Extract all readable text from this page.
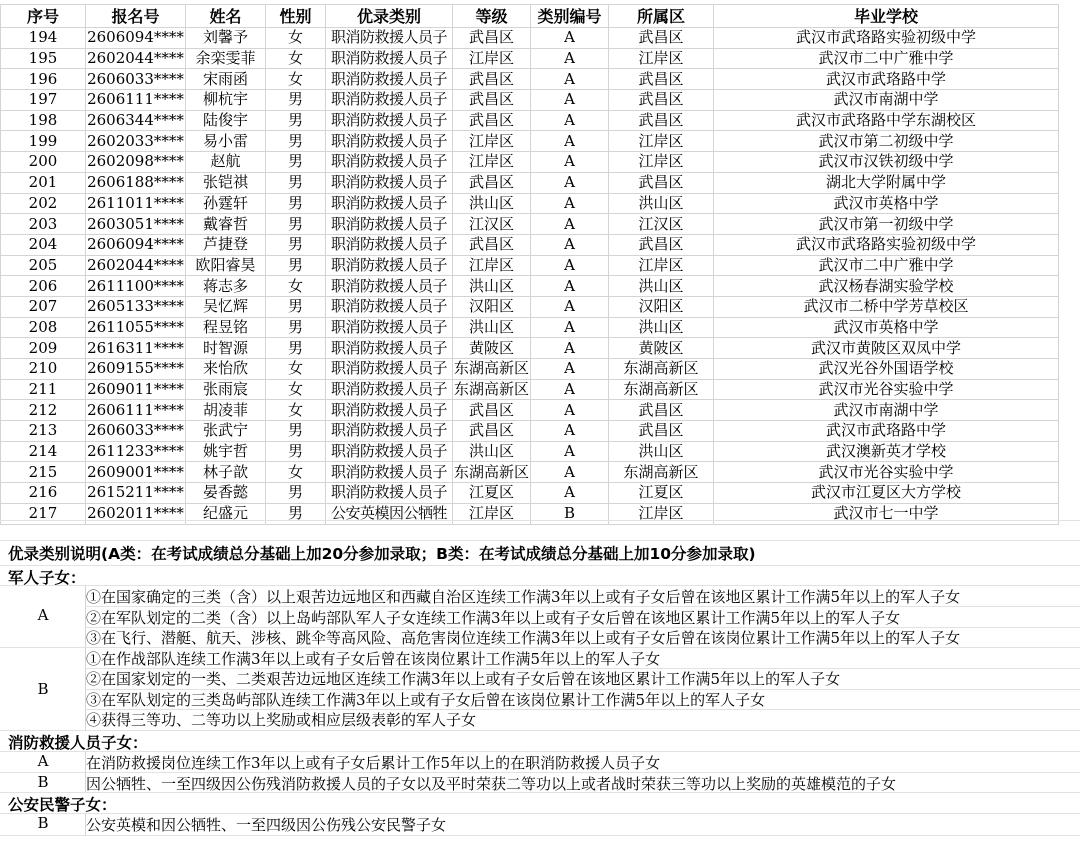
序号	报名号	姓名	性别	优录类别	等级	类别编号	所属区	毕业学校
194	2606094****	刘馨予	女	职消防救援人员子	武昌区	A	武昌区	武汉市武珞路实验初级中学
195	2602044****	余栾雯菲	女	职消防救援人员子	江岸区	A	江岸区	武汉市二中广雅中学
196	2606033****	宋雨函	女	职消防救援人员子	武昌区	A	武昌区	武汉市武珞路中学
197	2606111****	柳杭宇	男	职消防救援人员子	武昌区	A	武昌区	武汉市南湖中学
198	2606344****	陆俊宇	男	职消防救援人员子	武昌区	A	武昌区	武汉市武珞路中学东湖校区
199	2602033****	易小雷	男	职消防救援人员子	江岸区	A	江岸区	武汉市第二初级中学
200	2602098****	赵航	男	职消防救援人员子	江岸区	A	江岸区	武汉市汉铁初级中学
201	2606188****	张铠祺	男	职消防救援人员子	武昌区	A	武昌区	湖北大学附属中学
202	2611011****	孙霆轩	男	职消防救援人员子	洪山区	A	洪山区	武汉市英格中学
203	2603051****	戴睿哲	男	职消防救援人员子	江汉区	A	江汉区	武汉市第一初级中学
204	2606094****	芦捷登	男	职消防救援人员子	武昌区	A	武昌区	武汉市武珞路实验初级中学
205	2602044****	欧阳睿昊	男	职消防救援人员子	江岸区	A	江岸区	武汉市二中广雅中学
206	2611100****	蒋志多	女	职消防救援人员子	洪山区	A	洪山区	武汉杨春湖实验学校
207	2605133****	吴忆辉	男	职消防救援人员子	汉阳区	A	汉阳区	武汉市二桥中学芳草校区
208	2611055****	程昱铭	男	职消防救援人员子	洪山区	A	洪山区	武汉市英格中学
209	2616311****	时智源	男	职消防救援人员子	黄陂区	A	黄陂区	武汉市黄陂区双凤中学
210	2609155****	来怡欣	女	职消防救援人员子	东湖高新区	A	东湖高新区	武汉光谷外国语学校
211	2609011****	张雨宸	女	职消防救援人员子	东湖高新区	A	东湖高新区	武汉市光谷实验中学
212	2606111****	胡凌菲	女	职消防救援人员子	武昌区	A	武昌区	武汉市南湖中学
213	2606033****	张武宁	男	职消防救援人员子	武昌区	A	武昌区	武汉市武珞路中学
214	2611233****	姚宇哲	男	职消防救援人员子	洪山区	A	洪山区	武汉澳新英才学校
215	2609001****	林子歆	女	职消防救援人员子	东湖高新区	A	东湖高新区	武汉市光谷实验中学
216	2615211****	晏香懿	男	职消防救援人员子	江夏区	A	江夏区	武汉市江夏区大方学校
217	2602011****	纪盛元	男	公安英模因公牺牲	江岸区	B	江岸区	武汉市七一中学
优录类别说明(A类：在考试成绩总分基础上加20分参加录取；B类：在考试成绩总分基础上加10分参加录取)
军人子女：
A
①在国家确定的三类（含）以上艰苦边远地区和西藏自治区连续工作满3年以上或有子女后曾在该地区累计工作满5年以上的军人子女
②在军队划定的二类（含）以上岛屿部队军人子女连续工作满3年以上或有子女后曾在该地区累计工作满5年以上的军人子女
③在飞行、潜艇、航天、涉核、跳伞等高风险、高危害岗位连续工作满3年以上或有子女后曾在该岗位累计工作满5年以上的军人子女
B
①在作战部队连续工作满3年以上或有子女后曾在该岗位累计工作满5年以上的军人子女
②在国家划定的一类、二类艰苦边远地区连续工作满3年以上或有子女后曾在该地区累计工作满5年以上的军人子女
③在军队划定的三类岛屿部队连续工作满3年以上或有子女后曾在该岗位累计工作满5年以上的军人子女
④获得三等功、二等功以上奖励或相应层级表彰的军人子女
消防救援人员子女：
A	在消防救援岗位连续工作3年以上或有子女后累计工作5年以上的在职消防救援人员子女
B	因公牺牲、一至四级因公伤残消防救援人员的子女以及平时荣获二等功以上或者战时荣获三等功以上奖励的英雄模范的子女
公安民警子女：
B	公安英模和因公牺牲、一至四级因公伤残公安民警子女
